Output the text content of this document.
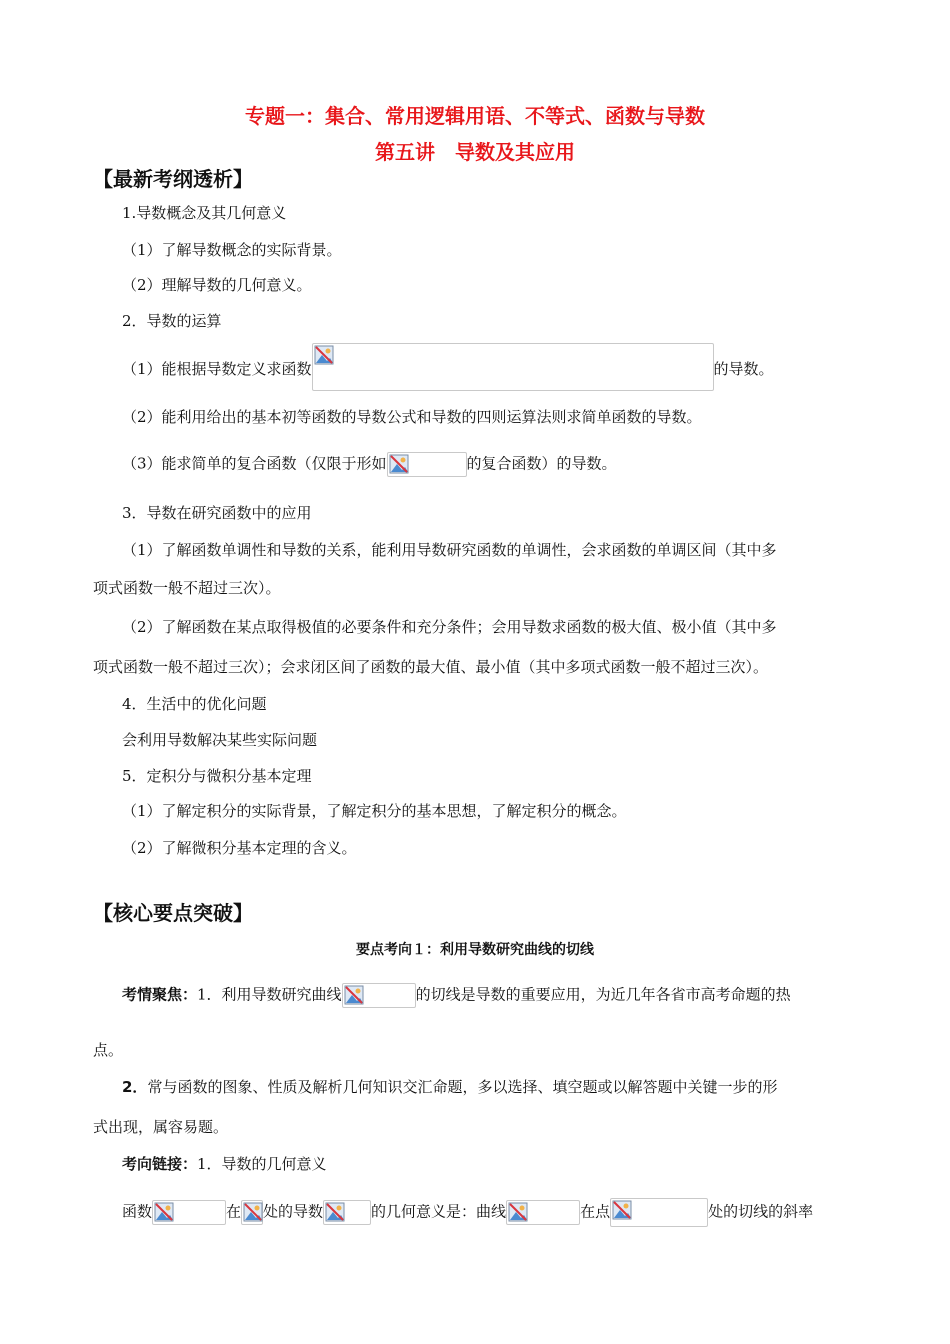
专题一：集合、常用逻辑用语、不等式、函数与导数
第五讲　导数及其应用
【最新考纲透析】
1.导数概念及其几何意义
（1）了解导数概念的实际背景。
（2）理解导数的几何意义。
2．导数的运算
（1）能根据导数定义求函数	的导数。
（2）能利用给出的基本初等函数的导数公式和导数的四则运算法则求简单函数的导数。
（3）能求简单的复合函数（仅限于形如	的复合函数）的导数。
3．导数在研究函数中的应用
（1）了解函数单调性和导数的关系，能利用导数研究函数的单调性，会求函数的单调区间（其中多
项式函数一般不超过三次）。
（2）了解函数在某点取得极值的必要条件和充分条件；会用导数求函数的极大值、极小值（其中多
项式函数一般不超过三次）；会求闭区间了函数的最大值、最小值（其中多项式函数一般不超过三次）。
4．生活中的优化问题
会利用导数解决某些实际问题
5．定积分与微积分基本定理
（1）了解定积分的实际背景，了解定积分的基本思想，了解定积分的概念。
（2）了解微积分基本定理的含义。
【核心要点突破】
要点考向１：利用导数研究曲线的切线
考情聚焦：1．利用导数研究曲线	的切线是导数的重要应用，为近几年各省市高考命题的热
点。
2．常与函数的图象、性质及解析几何知识交汇命题，多以选择、填空题或以解答题中关键一步的形
式出现，属容易题。
考向链接：1．导数的几何意义
函数	在 处的导数	的几何意义是：曲线	在点	处的切线的斜率
